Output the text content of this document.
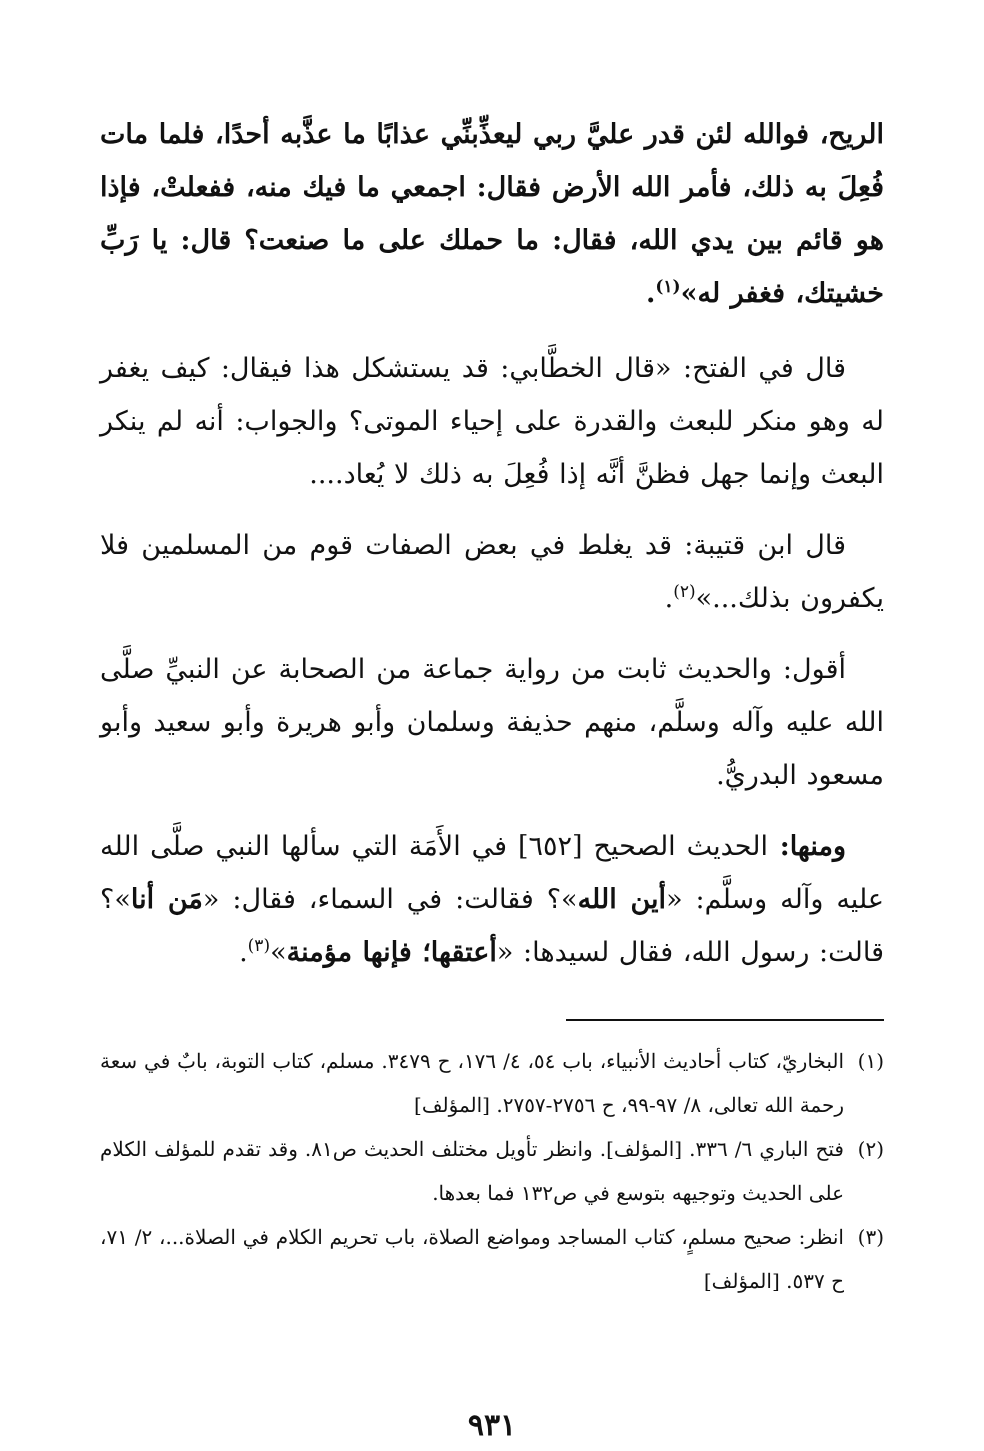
الريح، فوالله لئن قدر عليَّ ربي ليعذِّبنِّي عذابًا ما عذَّبه أحدًا، فلما مات فُعِلَ به ذلك، فأمر الله الأرض فقال: اجمعي ما فيك منه، ففعلتْ، فإذا هو قائم بين يدي الله، فقال: ما حملك على ما صنعت؟ قال: يا رَبِّ خشيتك، فغفر له»$^{(١)}$.

قال في الفتح: «قال الخطَّابي: قد يستشكل هذا فيقال: كيف يغفر له وهو منكر للبعث والقدرة على إحياء الموتى؟ والجواب: أنه لم ينكر البعث وإنما جهل فظنَّ أنَّه إذا فُعِلَ به ذلك لا يُعاد....

قال ابن قتيبة: قد يغلط في بعض الصفات قوم من المسلمين فلا يكفرون بذلك...»$^{(٢)}$.

أقول: والحديث ثابت من رواية جماعة من الصحابة عن النبيِّ صلَّى الله عليه وآله وسلَّم، منهم حذيفة وسلمان وأبو هريرة وأبو سعيد وأبو مسعود البدريُّ.

ومنها: الحديث الصحيح [٦٥٢] في الأَمَة التي سألها النبي صلَّى الله عليه وآله وسلَّم: «أين الله»؟ فقالت: في السماء، فقال: «مَن أنا»؟ قالت: رسول الله، فقال لسيدها: «أعتقها؛ فإنها مؤمنة»$^{(٣)}$.

(١)
البخاريّ، كتاب أحاديث الأنبياء، باب ٥٤، ٤/ ١٧٦، ح ٣٤٧٩. مسلم، كتاب التوبة، بابٌ في سعة رحمة الله تعالى، ٨/ ٩٧-٩٩، ح ٢٧٥٦-٢٧٥٧. [المؤلف]
(٢)
فتح الباري ٦/ ٣٣٦. [المؤلف]. وانظر تأويل مختلف الحديث ص٨١. وقد تقدم للمؤلف الكلام على الحديث وتوجيهه بتوسع في ص١٣٢ فما بعدها.
(٣)
انظر: صحيح مسلمٍ، كتاب المساجد ومواضع الصلاة، باب تحريم الكلام في الصلاة...، ٢/ ٧١، ح ٥٣٧. [المؤلف]
٩٣١
